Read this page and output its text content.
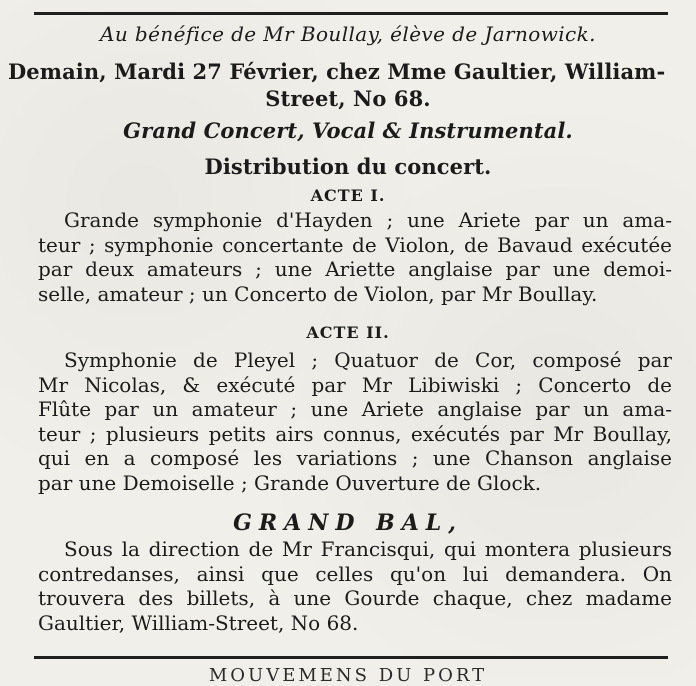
Au bénéfice de Mr Boullay, élève de Jarnowick.
Demain, Mardi 27 Février, chez Mme Gaultier, William-
Street, No 68.
Grand Concert, Vocal & Instrumental.
Distribution du concert.
ACTE I.
Grande symphonie d'Hayden ; une Ariete par un ama-
teur ; symphonie concertante de Violon, de Bavaud exécutée
par deux amateurs ; une Ariette anglaise par une demoi-
selle, amateur ; un Concerto de Violon, par Mr Boullay.
ACTE II.
Symphonie de Pleyel ; Quatuor de Cor, composé par
Mr Nicolas, & exécuté par Mr Libiwiski ; Concerto de
Flûte par un amateur ; une Ariete anglaise par un ama-
teur ; plusieurs petits airs connus, exécutés par Mr Boullay,
qui en a composé les variations ; une Chanson anglaise
par une Demoiselle ; Grande Ouverture de Glock.
GRAND BAL,
Sous la direction de Mr Francisqui, qui montera plusieurs
contredanses, ainsi que celles qu'on lui demandera. On
trouvera des billets, à une Gourde chaque, chez madame
Gaultier, William-Street, No 68.
MOUVEMENS DU PORT
